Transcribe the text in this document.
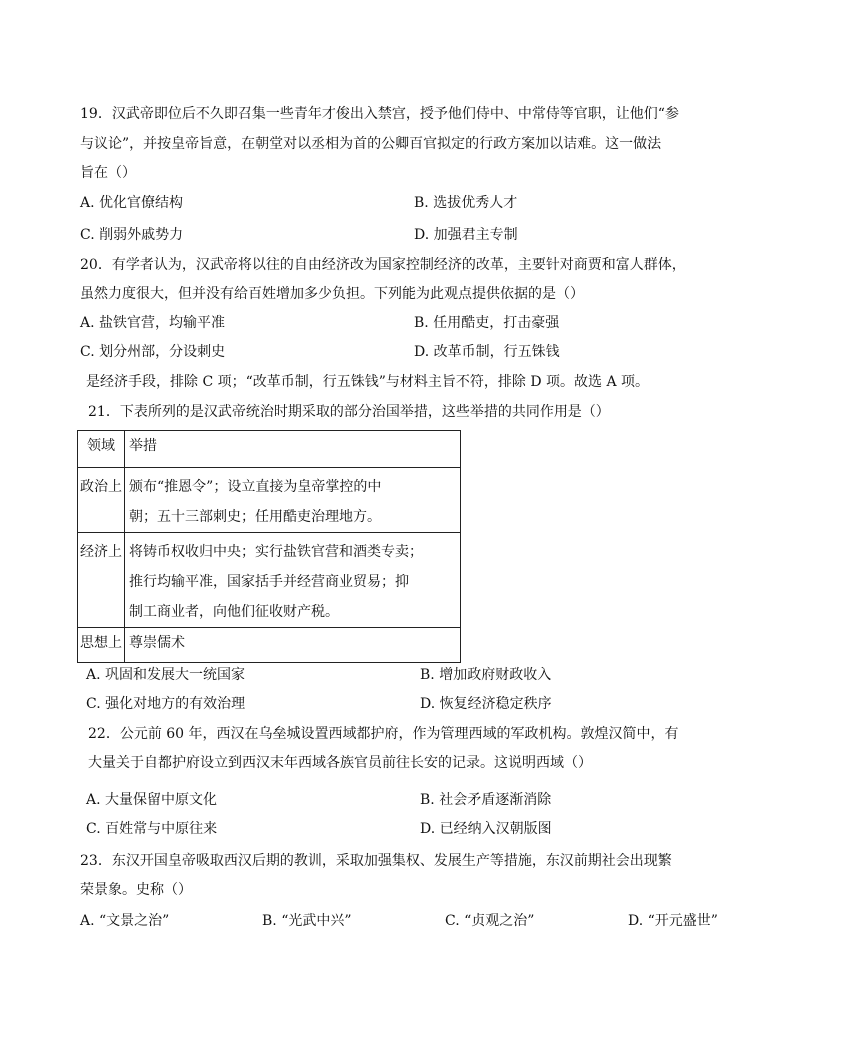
19．汉武帝即位后不久即召集一些青年才俊出入禁宫，授予他们侍中、中常侍等官职，让他们“参
与议论”，并按皇帝旨意，在朝堂对以丞相为首的公卿百官拟定的行政方案加以诘难。这一做法
旨在（）
A. 优化官僚结构	B. 选拔优秀人才
C. 削弱外戚势力	D. 加强君主专制
20．有学者认为，汉武帝将以往的自由经济改为国家控制经济的改革，主要针对商贾和富人群体，
虽然力度很大，但并没有给百姓增加多少负担。下列能为此观点提供依据的是（）
A. 盐铁官营，均输平准	B. 任用酷吏，打击豪强
C. 划分州部，分设刺史	D. 改革币制，行五铢钱
是经济手段，排除 C 项；“改革币制，行五铢钱”与材料主旨不符，排除 D 项。故选 A 项。
21．下表所列的是汉武帝统治时期采取的部分治国举措，这些举措的共同作用是（）
领域	举措
政治上	颁布“推恩令”；设立直接为皇帝掌控的中
朝；五十三部刺史；任用酷吏治理地方。

经济上	将铸币权收归中央；实行盐铁官营和酒类专卖；
推行均输平准，国家括手并经营商业贸易；抑
制工商业者，向他们征收财产税。

思想上	尊崇儒术
A. 巩固和发展大一统国家	B. 增加政府财政收入
C. 强化对地方的有效治理	D. 恢复经济稳定秩序
22．公元前 60 年，西汉在乌垒城设置西域都护府，作为管理西域的军政机构。敦煌汉简中，有
大量关于自都护府设立到西汉末年西域各族官员前往长安的记录。这说明西域（）
A. 大量保留中原文化	B. 社会矛盾逐渐消除
C. 百姓常与中原往来	D. 已经纳入汉朝版图
23．东汉开国皇帝吸取西汉后期的教训，采取加强集权、发展生产等措施，东汉前期社会出现繁
荣景象。史称（）
A. “文景之治”	B. “光武中兴”	C. “贞观之治”	D. “开元盛世”
